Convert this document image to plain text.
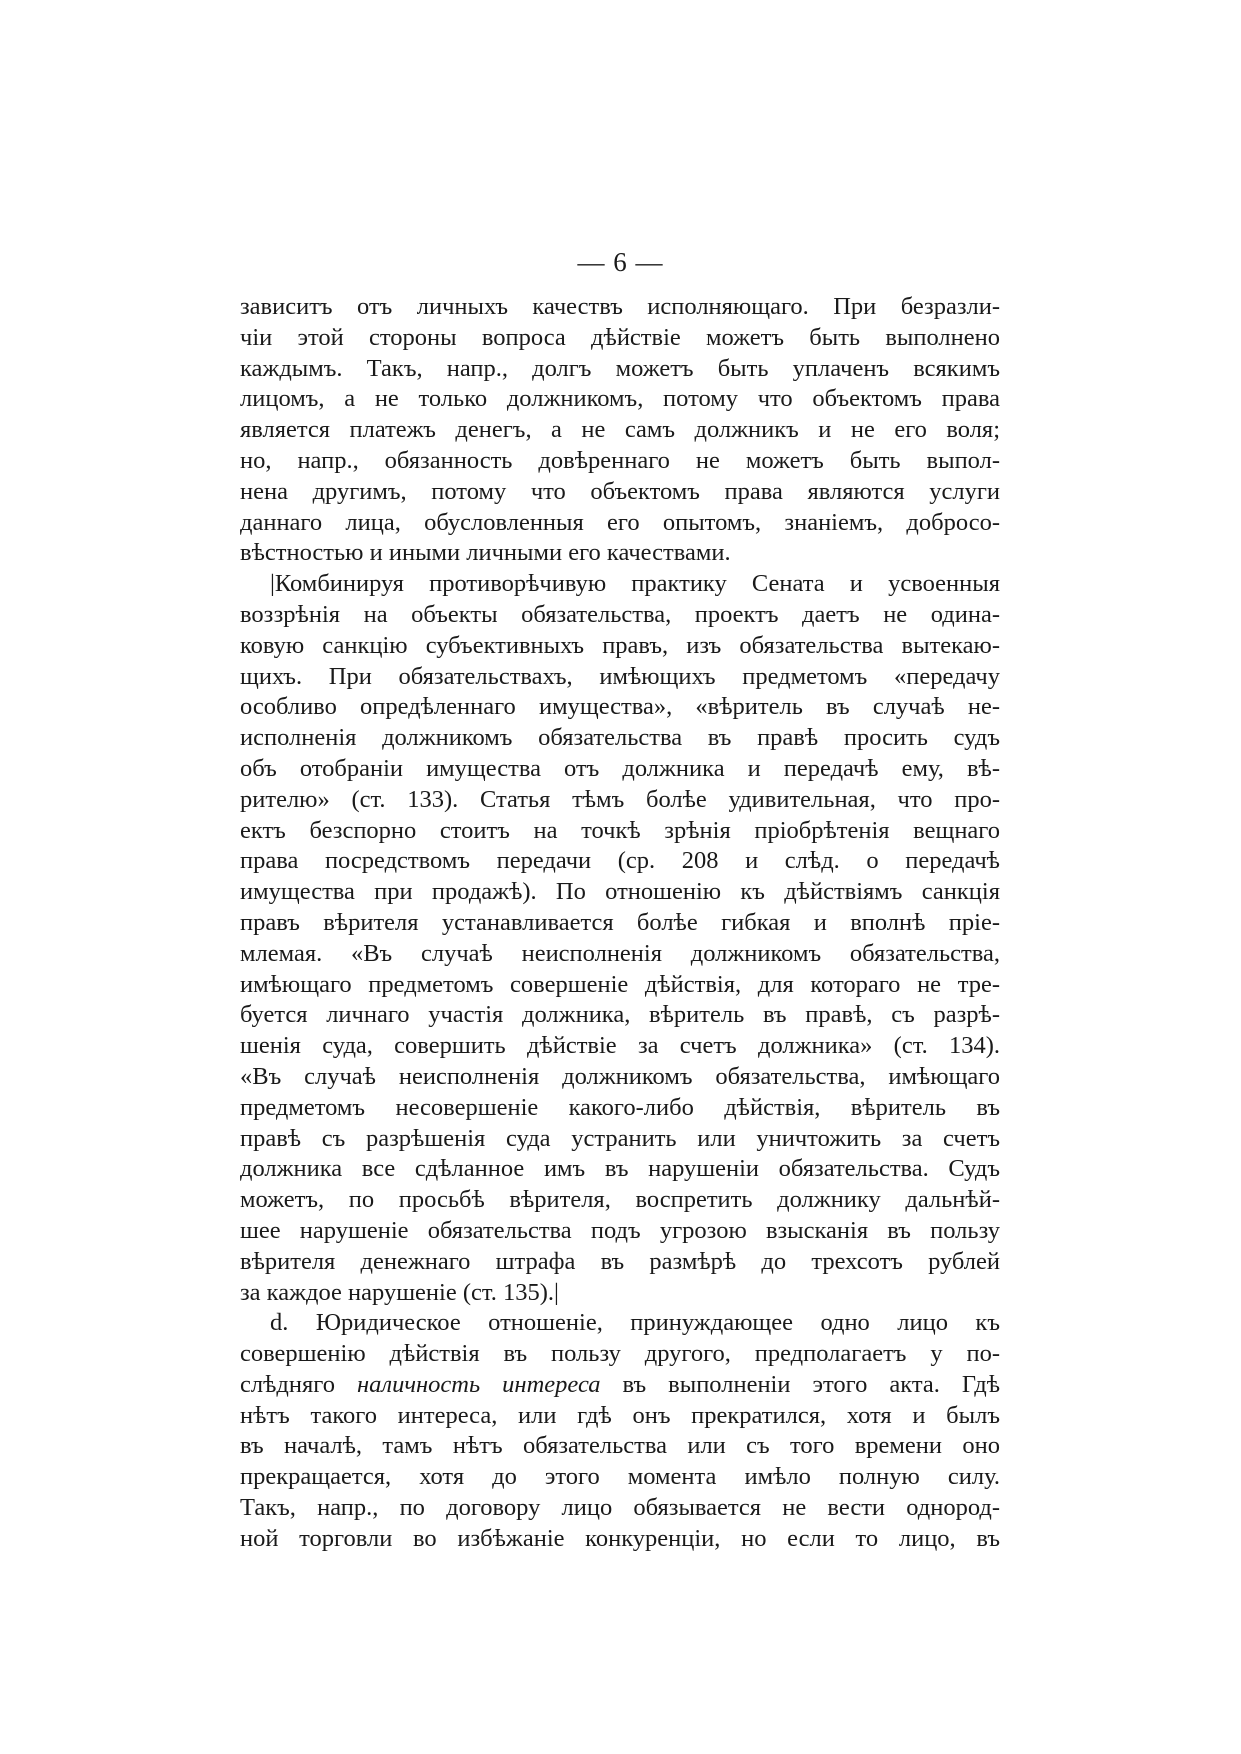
— 6 —
зависитъ отъ личныхъ качествъ исполняющаго. При безразли-
чіи этой стороны вопроса дѣйствіе можетъ быть выполнено
каждымъ. Такъ, напр., долгъ можетъ быть уплаченъ всякимъ
лицомъ, а не только должникомъ, потому что объектомъ права
является платежъ денегъ, а не самъ должникъ и не его воля;
но, напр., обязанность довѣреннаго не можетъ быть выпол-
нена другимъ, потому что объектомъ права являются услуги
даннаго лица, обусловленныя его опытомъ, знаніемъ, добросо-
вѣстностью и иными личными его качествами.
|Комбинируя противорѣчивую практику Сената и усвоенныя
воззрѣнія на объекты обязательства, проектъ даетъ не одина-
ковую санкцію субъективныхъ правъ, изъ обязательства вытекаю-
щихъ. При обязательствахъ, имѣющихъ предметомъ «передачу
особливо опредѣленнаго имущества», «вѣритель въ случаѣ не-
исполненія должникомъ обязательства въ правѣ просить судъ
объ отобраніи имущества отъ должника и передачѣ ему, вѣ-
рителю» (ст. 133). Статья тѣмъ болѣе удивительная, что про-
ектъ безспорно стоитъ на точкѣ зрѣнія пріобрѣтенія вещнаго
права посредствомъ передачи (ср. 208 и слѣд. о передачѣ
имущества при продажѣ). По отношенію къ дѣйствіямъ санкція
правъ вѣрителя устанавливается болѣе гибкая и вполнѣ прie-
млемая. «Въ случаѣ неисполненія должникомъ обязательства,
имѣющаго предметомъ совершеніе дѣйствія, для котораго не тре-
буется личнаго участія должника, вѣритель въ правѣ, съ разрѣ-
шенія суда, совершить дѣйствіе за счетъ должника» (ст. 134).
«Въ случаѣ неисполненія должникомъ обязательства, имѣющаго
предметомъ несовершеніе какого-либо дѣйствія, вѣритель въ
правѣ съ разрѣшенія суда устранить или уничтожить за счетъ
должника все сдѣланное имъ въ нарушеніи обязательства. Судъ
можетъ, по просьбѣ вѣрителя, воспретить должнику дальнѣй-
шее нарушеніе обязательства подъ угрозою взысканія въ пользу
вѣрителя денежнаго штрафа въ размѣрѣ до трехсотъ рублей
за каждое нарушеніе (ст. 135).|
d. Юридическое отношеніе, принуждающее одно лицо къ
совершенію дѣйствія въ пользу другого, предполагаетъ у по-
слѣдняго наличность интереса въ выполненіи этого акта. Гдѣ
нѣтъ такого интереса, или гдѣ онъ прекратился, хотя и былъ
въ началѣ, тамъ нѣтъ обязательства или съ того времени оно
прекращается, хотя до этого момента имѣло полную силу.
Такъ, напр., по договору лицо обязывается не вести однород-
ной торговли во избѣжаніе конкуренціи, но если то лицо, въ
